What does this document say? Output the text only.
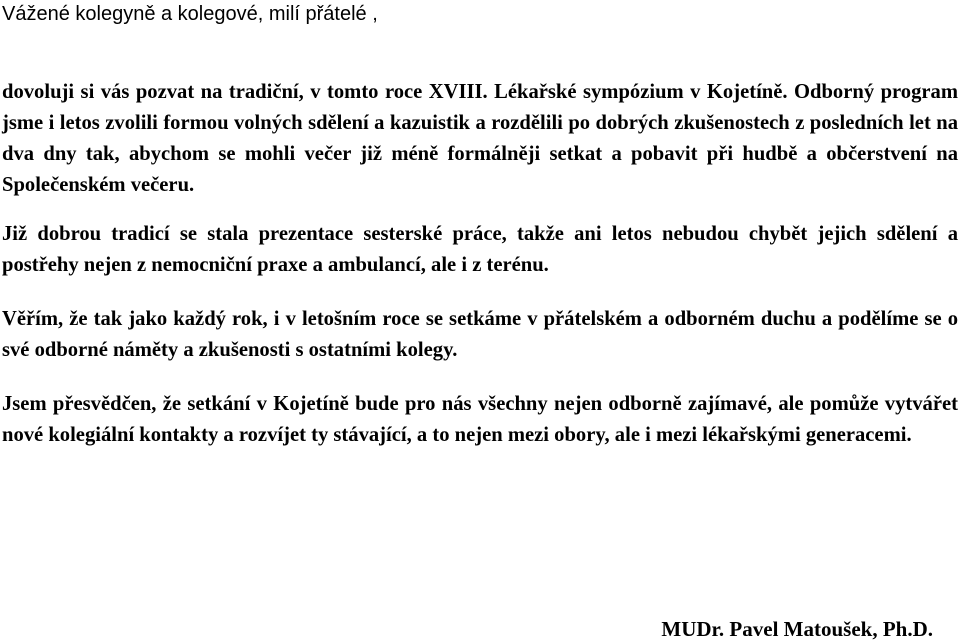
Vážené kolegyně a kolegové, milí přátelé ,

dovoluji si vás pozvat na tradiční, v tomto roce XVIII. Lékařské sympózium v Kojetíně. Odborný program jsme i letos zvolili formou volných sdělení a kazuistik a rozdělili po dobrých zkušenostech z posledních let na dva dny tak, abychom se mohli večer již méně formálněji setkat a pobavit při hudbě a občerstvení na Společenském večeru.

Již dobrou tradicí se stala prezentace sesterské práce, takže ani letos nebudou chybět jejich sdělení a postřehy nejen z nemocniční praxe a ambulancí, ale i z terénu.

Věřím, že tak jako každý rok, i v letošním roce se setkáme v přátelském a odborném duchu a podělíme se o své odborné náměty a zkušenosti s ostatními kolegy.

Jsem přesvědčen, že setkání v Kojetíně bude pro nás všechny nejen odborně zajímavé, ale pomůže vytvářet nové kolegiální kontakty a rozvíjet ty stávající, a to nejen mezi obory, ale i mezi lékařskými generacemi.

MUDr. Pavel Matoušek, Ph.D.
